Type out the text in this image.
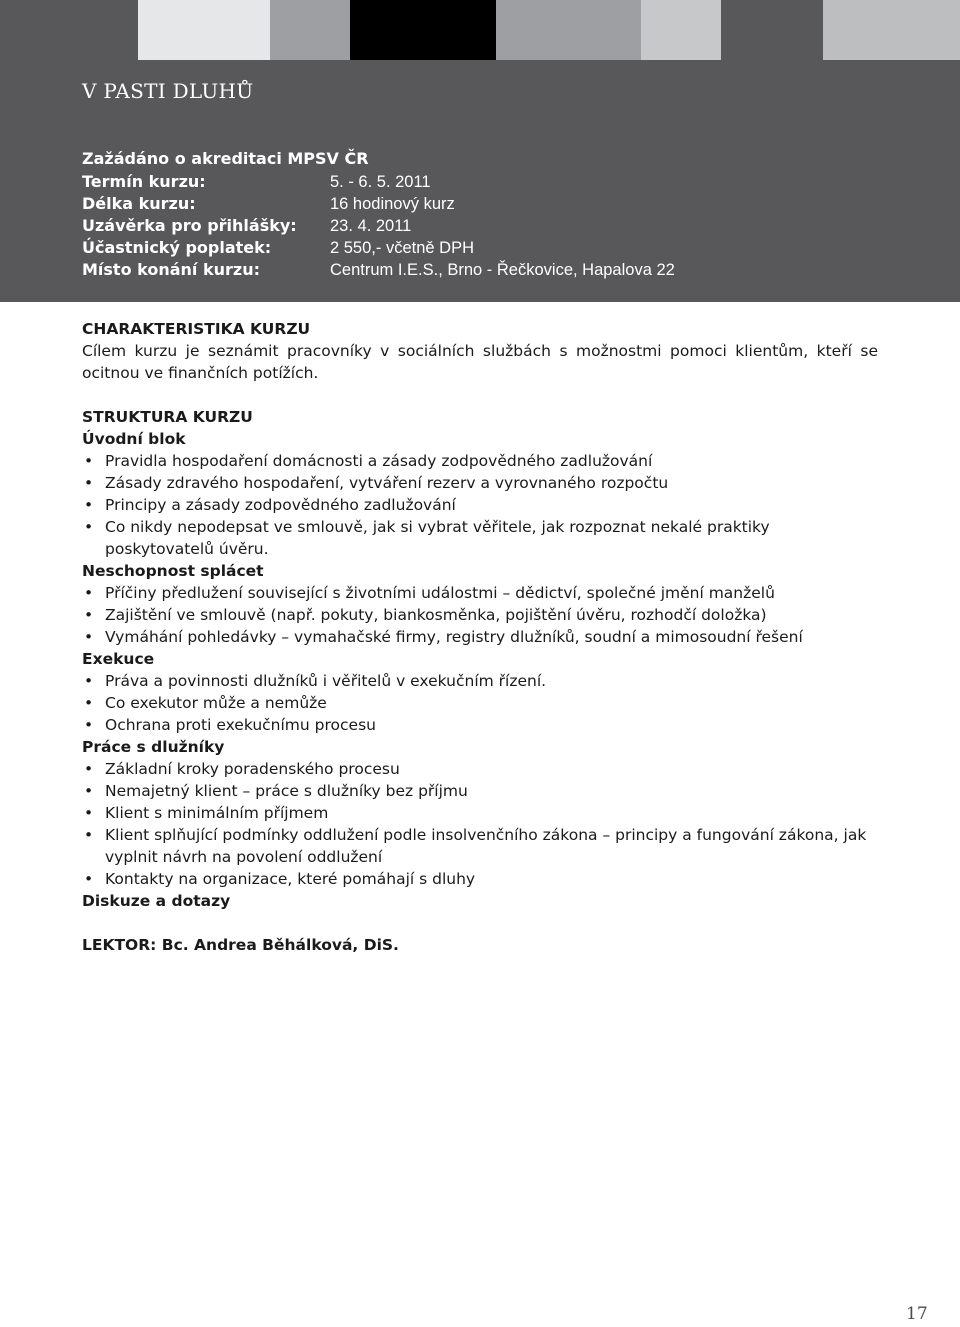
V PASTI DLUHŮ
Zažádáno o akreditaci MPSV ČR
Termín kurzu:	5. - 6. 5. 2011
Délka kurzu:	16 hodinový kurz
Uzávěrka pro přihlášky:	23. 4. 2011
Účastnický poplatek:	2 550,- včetně DPH
Místo konání kurzu:	Centrum I.E.S., Brno - Řečkovice, Hapalova 22
CHARAKTERISTIKA KURZU
Cílem kurzu je seznámit pracovníky v sociálních službách s možnostmi pomoci klientům, kteří se ocitnou ve finančních potížích.
STRUKTURA KURZU
Úvodní blok
• Pravidla hospodaření domácnosti a zásady zodpovědného zadlužování
• Zásady zdravého hospodaření, vytváření rezerv a vyrovnaného rozpočtu
• Principy a zásady zodpovědného zadlužování
• Co nikdy nepodepsat ve smlouvě, jak si vybrat věřitele, jak rozpoznat nekalé praktiky poskytovatelů úvěru.
Neschopnost splácet
• Příčiny předlužení související s životními událostmi – dědictví, společné jmění manželů
• Zajištění ve smlouvě (např. pokuty, biankosměnka, pojištění úvěru, rozhodčí doložka)
• Vymáhání pohledávky – vymahačské firmy, registry dlužníků, soudní a mimosoudní řešení
Exekuce
• Práva a povinnosti dlužníků i věřitelů v exekučním řízení.
• Co exekutor může a nemůže
• Ochrana proti exekučnímu procesu
Práce s dlužníky
• Základní kroky poradenského procesu
• Nemajetný klient – práce s dlužníky bez příjmu
• Klient s minimálním příjmem
• Klient splňující podmínky oddlužení podle insolvenčního zákona – principy a fungování zákona, jak vyplnit návrh na povolení oddlužení
• Kontakty na organizace, které pomáhají s dluhy
Diskuze a dotazy
LEKTOR: Bc. Andrea Běhálková, DiS.
17
